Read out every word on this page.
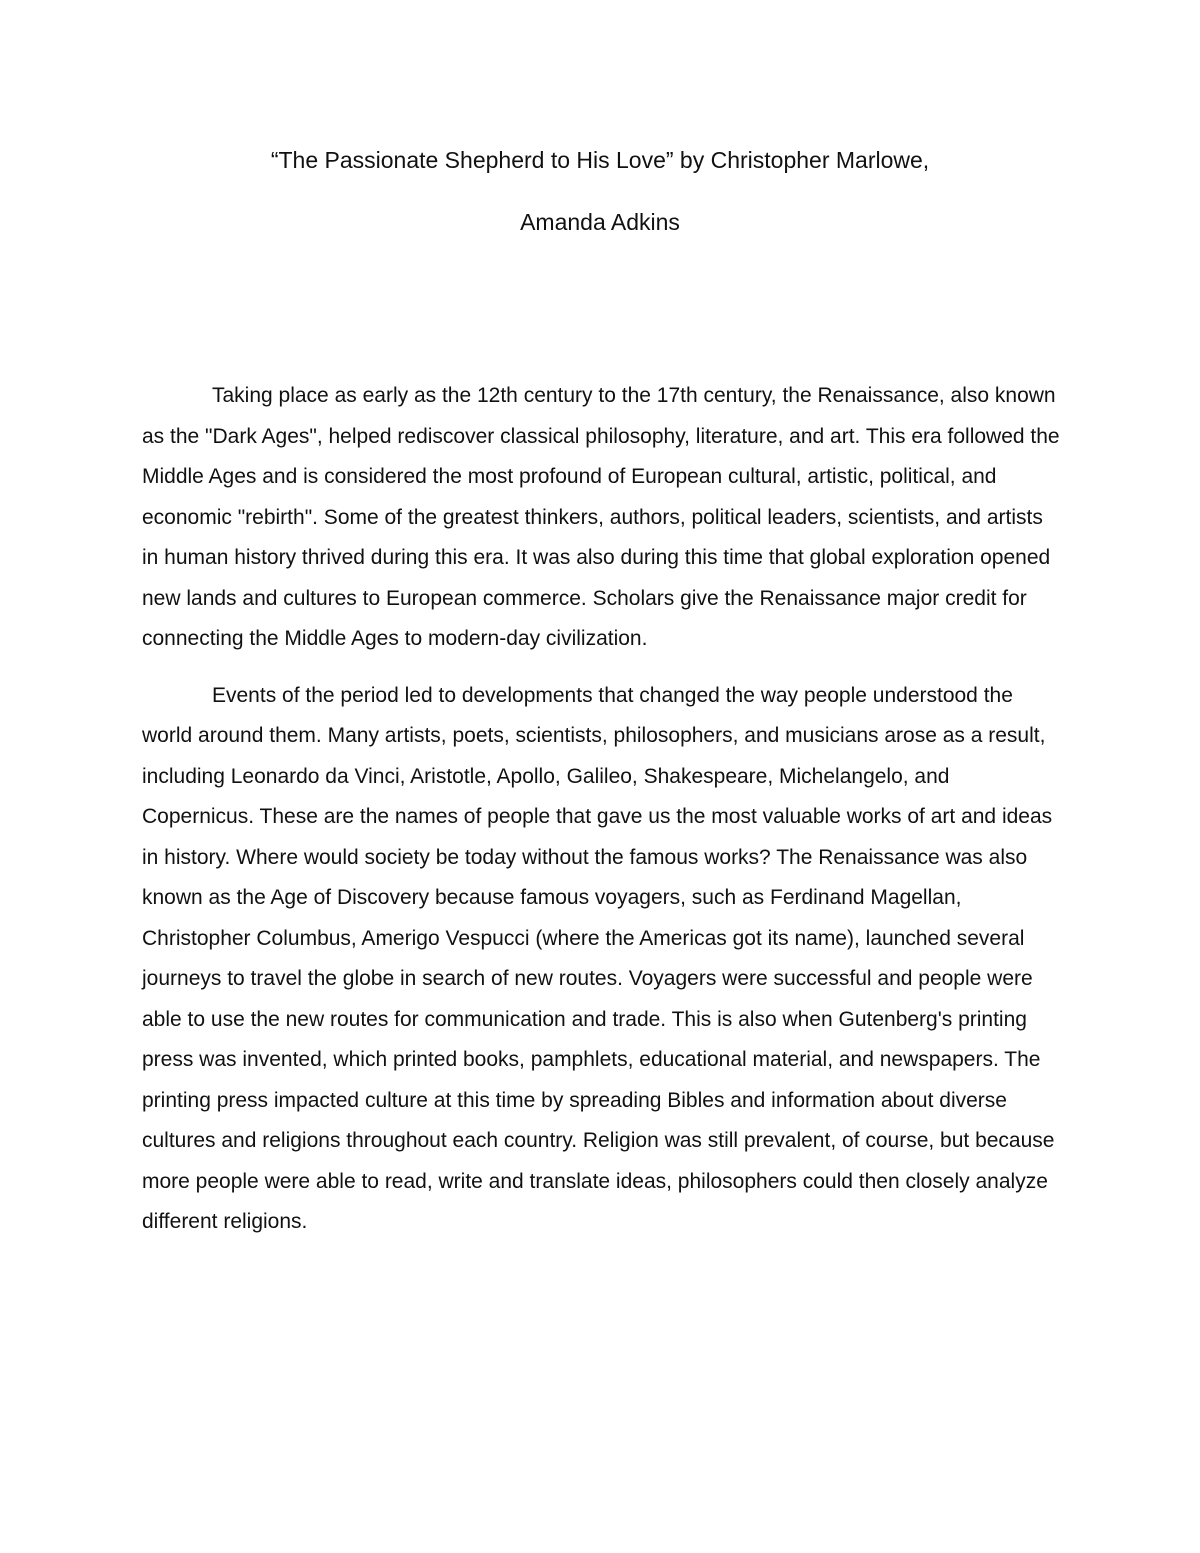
“The Passionate Shepherd to His Love” by Christopher Marlowe,
Amanda Adkins

Taking place as early as the 12th century to the 17th century, the Renaissance, also known as the "Dark Ages", helped rediscover classical philosophy, literature, and art. This era followed the Middle Ages and is considered the most profound of European cultural, artistic, political, and economic "rebirth". Some of the greatest thinkers, authors, political leaders, scientists, and artists in human history thrived during this era. It was also during this time that global exploration opened new lands and cultures to European commerce. Scholars give the Renaissance major credit for connecting the Middle Ages to modern-day civilization.

Events of the period led to developments that changed the way people understood the world around them. Many artists, poets, scientists, philosophers, and musicians arose as a result, including Leonardo da Vinci, Aristotle, Apollo, Galileo, Shakespeare, Michelangelo, and Copernicus. These are the names of people that gave us the most valuable works of art and ideas in history. Where would society be today without the famous works? The Renaissance was also known as the Age of Discovery because famous voyagers, such as Ferdinand Magellan, Christopher Columbus, Amerigo Vespucci (where the Americas got its name), launched several journeys to travel the globe in search of new routes. Voyagers were successful and people were able to use the new routes for communication and trade. This is also when Gutenberg's printing press was invented, which printed books, pamphlets, educational material, and newspapers. The printing press impacted culture at this time by spreading Bibles and information about diverse cultures and religions throughout each country. Religion was still prevalent, of course, but because more people were able to read, write and translate ideas, philosophers could then closely analyze different religions.
